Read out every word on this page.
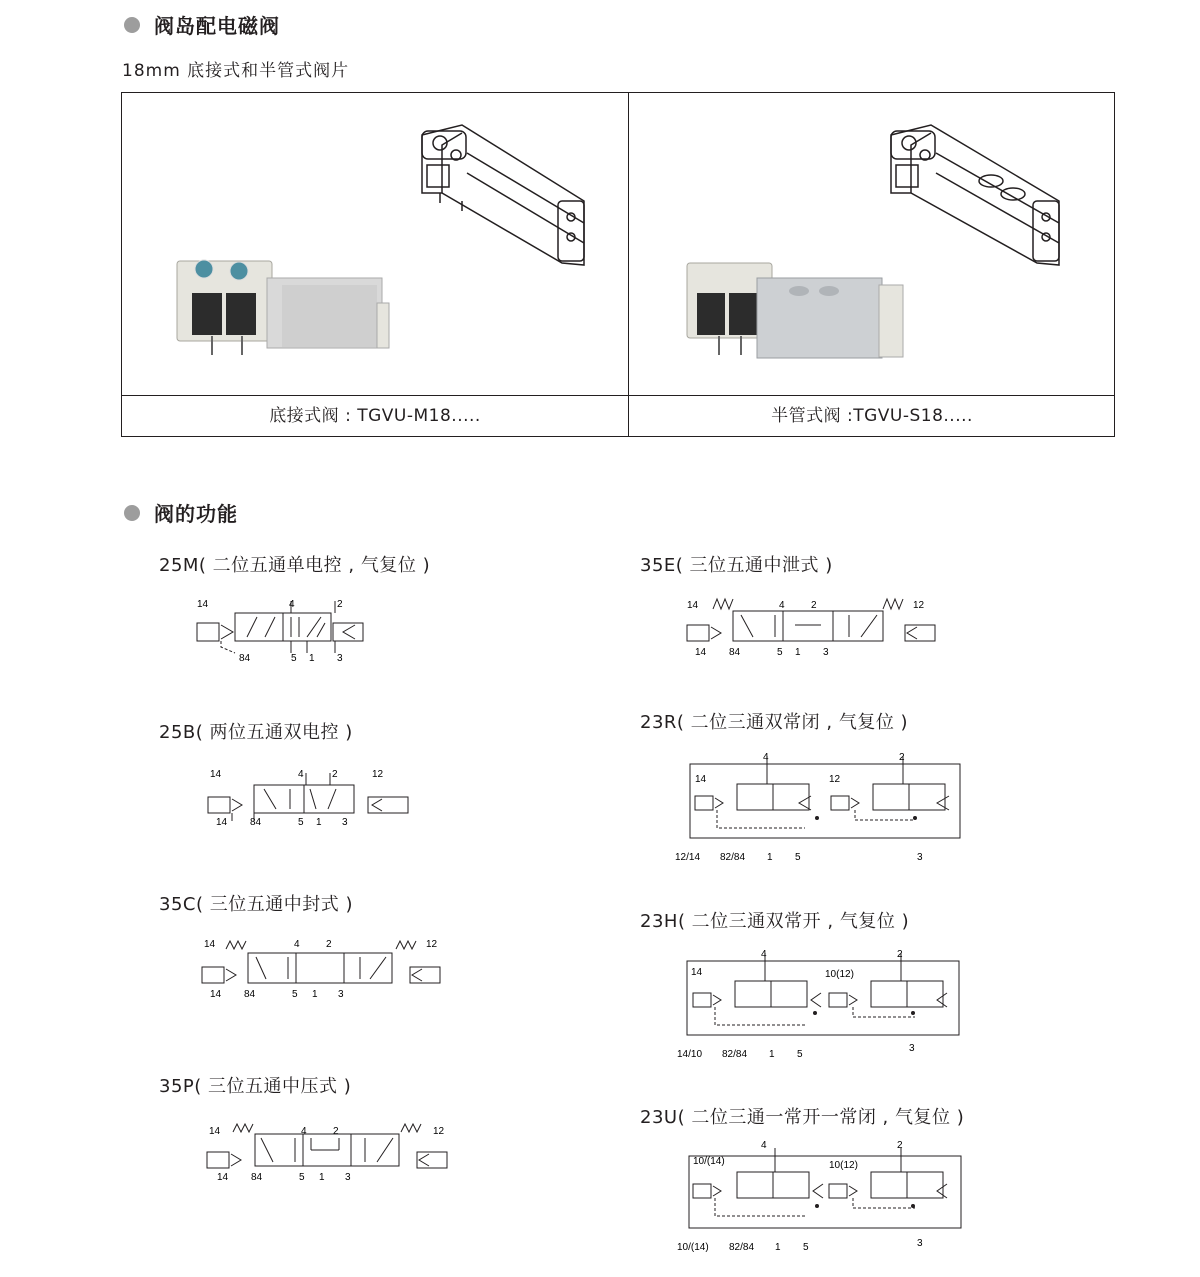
阀岛配电磁阀
18mm 底接式和半管式阀片
底接式阀 : TGVU-M18.....	半管式阀 :TGVU-S18.....
阀的功能
25M( 二位五通单电控 , 气复位 )
25B( 两位五通双电控 )
35C( 三位五通中封式 )
35P( 三位五通中压式 )
35E( 三位五通中泄式 )
23R( 二位三通双常闭 , 气复位 )
23H( 二位三通双常开 , 气复位 )
23U( 二位三通一常开一常闭 , 气复位 )
14	4	2
84	5 1 3
14	4	2	12
14 84	5 1 3
14	4	2	12
14 84	5 1 3
14	4	2	12
14 84	5 1 3
14	4	2	12
14 84	5 1 3
4	2
14	12
12/14 82/84 1 5	3
4	2
14	10(12)
14/10 82/84 1 5
3
4	2
10/(14)	10(12)
10/(14) 82/84 1 5	3
